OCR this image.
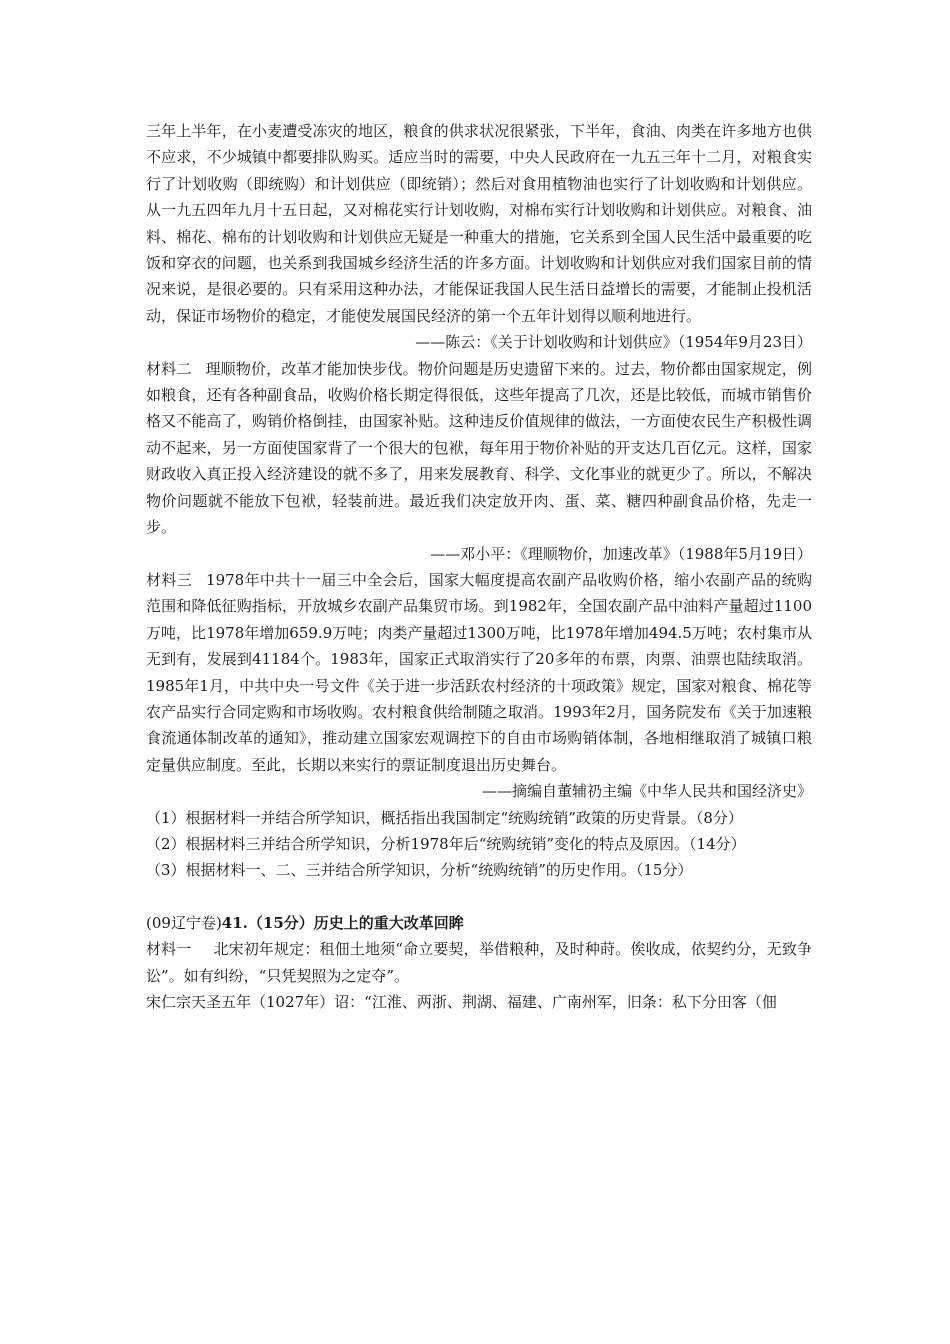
三年上半年，在小麦遭受冻灾的地区，粮食的供求状况很紧张，下半年，食油、肉类在许多地方也供不应求，不少城镇中都要排队购买。适应当时的需要，中央人民政府在一九五三年十二月，对粮食实行了计划收购（即统购）和计划供应（即统销）；然后对食用植物油也实行了计划收购和计划供应。从一九五四年九月十五日起，又对棉花实行计划收购，对棉布实行计划收购和计划供应。对粮食、油料、棉花、棉布的计划收购和计划供应无疑是一种重大的措施，它关系到全国人民生活中最重要的吃饭和穿衣的问题，也关系到我国城乡经济生活的许多方面。计划收购和计划供应对我们国家目前的情况来说，是很必要的。只有采用这种办法，才能保证我国人民生活日益增长的需要，才能制止投机活动，保证市场物价的稳定，才能使发展国民经济的第一个五年计划得以顺利地进行。

——陈云：《关于计划收购和计划供应》（1954年9月23日）

材料二 理顺物价，改革才能加快步伐。物价问题是历史遗留下来的。过去，物价都由国家规定，例如粮食，还有各种副食品，收购价格长期定得很低，这些年提高了几次，还是比较低，而城市销售价格又不能高了，购销价格倒挂，由国家补贴。这种违反价值规律的做法，一方面使农民生产积极性调动不起来，另一方面使国家背了一个很大的包袱，每年用于物价补贴的开支达几百亿元。这样，国家财政收入真正投入经济建设的就不多了，用来发展教育、科学、文化事业的就更少了。所以，不解决物价问题就不能放下包袱，轻装前进。最近我们决定放开肉、蛋、菜、糖四种副食品价格，先走一步。

——邓小平：《理顺物价，加速改革》（1988年5月19日）

材料三 1978年中共十一届三中全会后，国家大幅度提高农副产品收购价格，缩小农副产品的统购范围和降低征购指标，开放城乡农副产品集贸市场。到1982年，全国农副产品中油料产量超过1100万吨，比1978年增加659.9万吨；肉类产量超过1300万吨，比1978年增加494.5万吨；农村集市从无到有，发展到41184个。1983年，国家正式取消实行了20多年的布票，肉票、油票也陆续取消。1985年1月，中共中央一号文件《关于进一步活跃农村经济的十项政策》规定，国家对粮食、棉花等农产品实行合同定购和市场收购。农村粮食供给制随之取消。1993年2月，国务院发布《关于加速粮食流通体制改革的通知》，推动建立国家宏观调控下的自由市场购销体制，各地相继取消了城镇口粮定量供应制度。至此，长期以来实行的票证制度退出历史舞台。

——摘编自董辅礽主编《中华人民共和国经济史》

（1）根据材料一并结合所学知识，概括指出我国制定“统购统销”政策的历史背景。（8分）

（2）根据材料三并结合所学知识，分析1978年后“统购统销”变化的特点及原因。（14分）

（3）根据材料一、二、三并结合所学知识，分析“统购统销”的历史作用。（15分）

(09辽宁卷)41.（15分）历史上的重大改革回眸

材料一 北宋初年规定：租佃土地须“命立要契，举借粮种，及时种莳。俟收成，依契约分，无致争讼”。如有纠纷，“只凭契照为之定夺”。

宋仁宗天圣五年（1027年）诏：“江淮、两浙、荆湖、福建、广南州军，旧条：私下分田客（佃
